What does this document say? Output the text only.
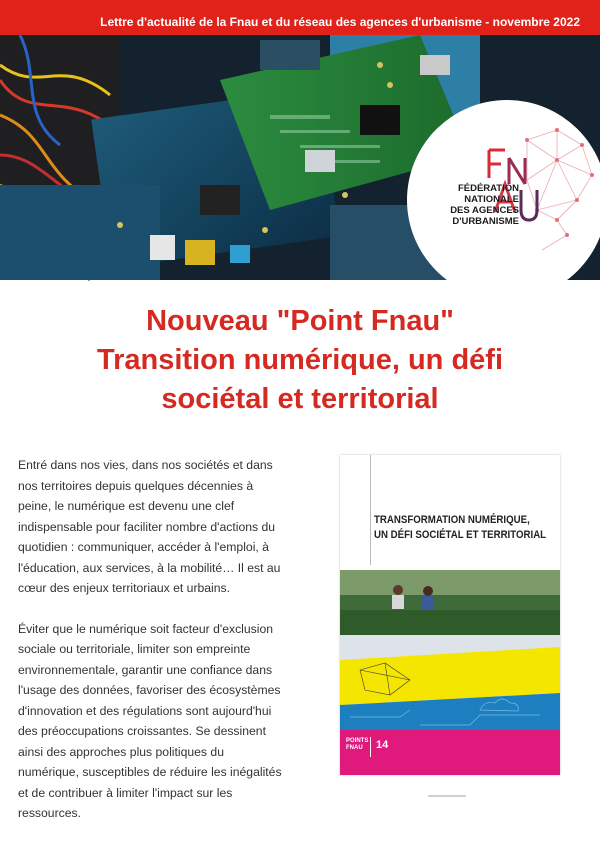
Lettre d'actualité de la Fnau et du réseau des agences d'urbanisme - novembre 2022
FÉDÉRATION
NATIONALE
DES AGENCES
D'URBANISME
Nouveau "Point Fnau"
Transition numérique, un défi
sociétal et territorial

Entré dans nos vies, dans nos sociétés et dans nos territoires depuis quelques décennies à peine, le numérique est devenu une clef indispensable pour faciliter nombre d'actions du quotidien : communiquer, accéder à l'emploi, à l'éducation, aux services, à la mobilité… Il est au cœur des enjeux territoriaux et urbains.

Éviter que le numérique soit facteur d'exclusion sociale ou territoriale, limiter son empreinte environnementale, garantir une confiance dans l'usage des données, favoriser des écosystèmes d'innovation et des régulations sont aujourd'hui des préoccupations croissantes. Se dessinent ainsi des approches plus politiques du numérique, susceptibles de réduire les inégalités et de contribuer à limiter l'impact sur les ressources.

TRANSFORMATION NUMÉRIQUE,
UN DÉFI SOCIÉTAL ET TERRITORIAL
POINTS
FNAU	14
